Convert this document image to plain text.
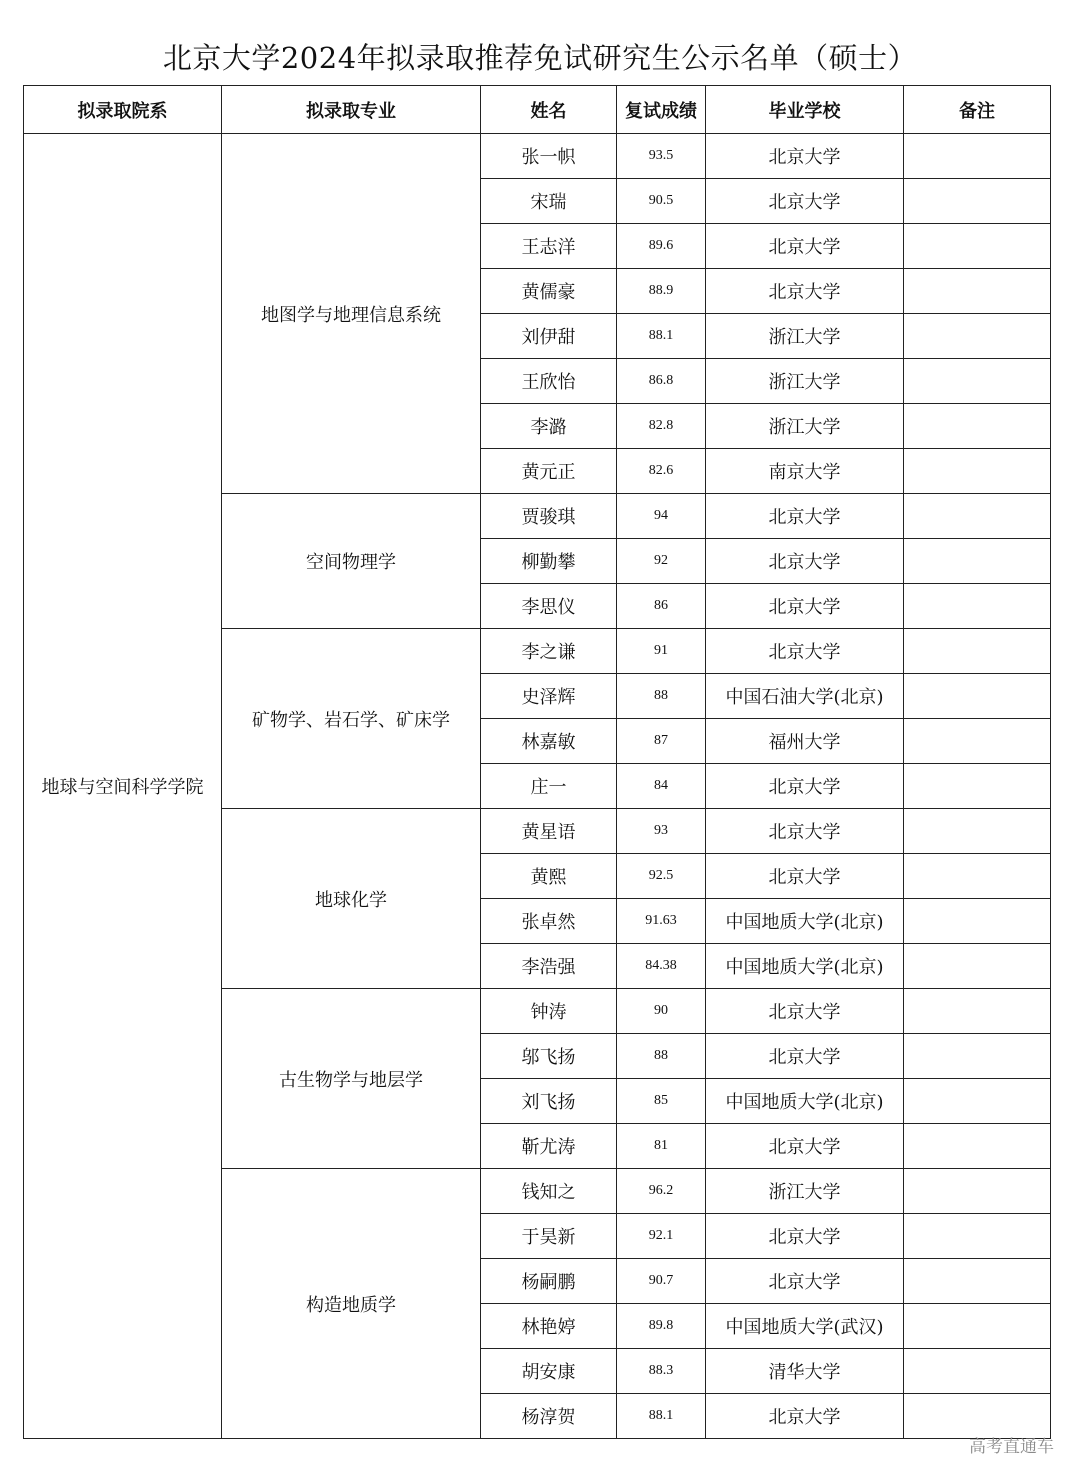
北京大学2024年拟录取推荐免试研究生公示名单（硕士）
拟录取院系	拟录取专业	姓名	复试成绩	毕业学校	备注
地球与空间科学学院	地图学与地理信息系统	张一帜	93.5	北京大学	
		宋瑞	90.5	北京大学	
		王志洋	89.6	北京大学	
		黄儒豪	88.9	北京大学	
		刘伊甜	88.1	浙江大学	
		王欣怡	86.8	浙江大学	
		李潞	82.8	浙江大学	
		黄元正	82.6	南京大学	
	空间物理学	贾骏琪	94	北京大学	
		柳勤攀	92	北京大学	
		李思仪	86	北京大学	
	矿物学、岩石学、矿床学	李之谦	91	北京大学	
		史泽辉	88	中国石油大学(北京)	
		林嘉敏	87	福州大学	
		庄一	84	北京大学	
	地球化学	黄星语	93	北京大学	
		黄熙	92.5	北京大学	
		张卓然	91.63	中国地质大学(北京)	
		李浩强	84.38	中国地质大学(北京)	
	古生物学与地层学	钟涛	90	北京大学	
		邬飞扬	88	北京大学	
		刘飞扬	85	中国地质大学(北京)	
		靳尤涛	81	北京大学	
	构造地质学	钱知之	96.2	浙江大学	
		于昊新	92.1	北京大学	
		杨嗣鹏	90.7	北京大学	
		林艳婷	89.8	中国地质大学(武汉)	
		胡安康	88.3	清华大学	
		杨淳贺	88.1	北京大学	
高考直通车
